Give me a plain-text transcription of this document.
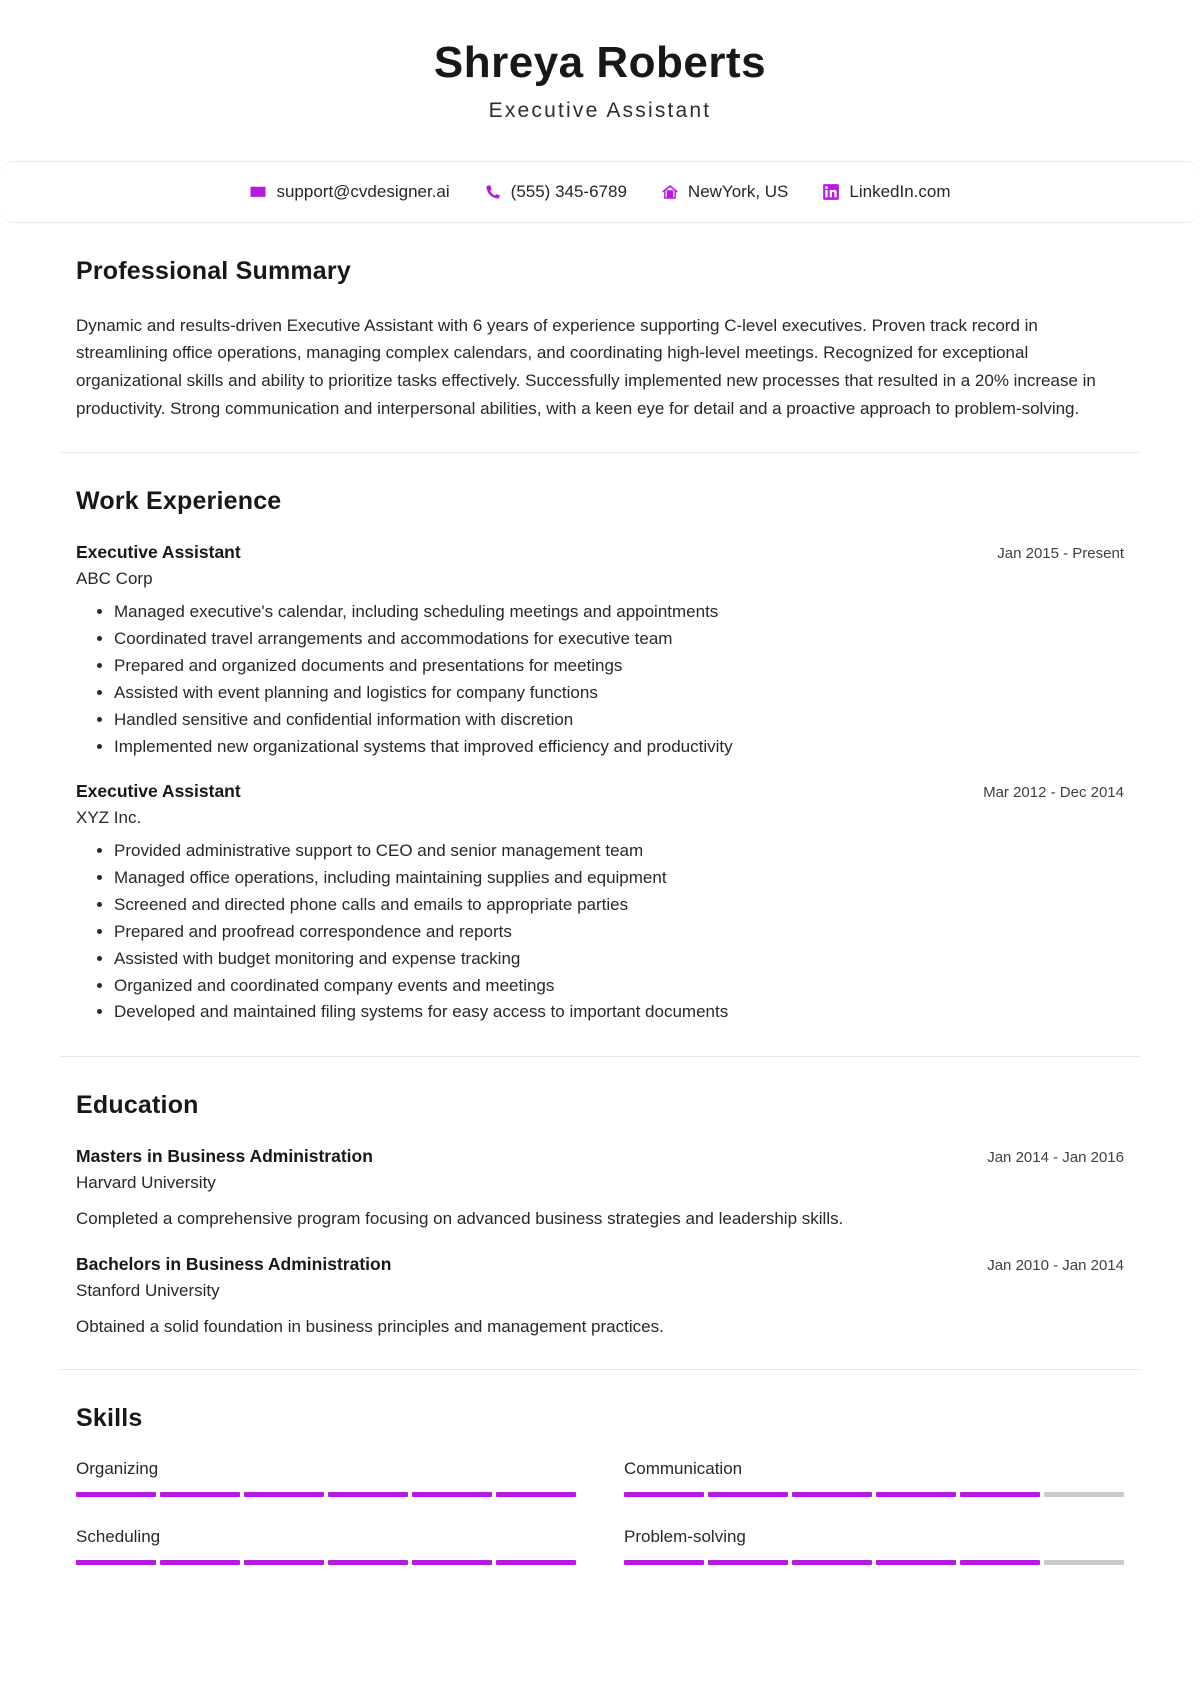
Shreya Roberts
Executive Assistant
support@cvdesigner.ai	(555) 345-6789	NewYork, US	LinkedIn.com
Professional Summary

Dynamic and results-driven Executive Assistant with 6 years of experience supporting C-level executives. Proven track record in streamlining office operations, managing complex calendars, and coordinating high-level meetings. Recognized for exceptional organizational skills and ability to prioritize tasks effectively. Successfully implemented new processes that resulted in a 20% increase in productivity. Strong communication and interpersonal abilities, with a keen eye for detail and a proactive approach to problem-solving.

Work Experience
Executive Assistant	Jan 2015 - Present
ABC Corp
• Managed executive's calendar, including scheduling meetings and appointments
• Coordinated travel arrangements and accommodations for executive team
• Prepared and organized documents and presentations for meetings
• Assisted with event planning and logistics for company functions
• Handled sensitive and confidential information with discretion
• Implemented new organizational systems that improved efficiency and productivity
Executive Assistant	Mar 2012 - Dec 2014
XYZ Inc.
• Provided administrative support to CEO and senior management team
• Managed office operations, including maintaining supplies and equipment
• Screened and directed phone calls and emails to appropriate parties
• Prepared and proofread correspondence and reports
• Assisted with budget monitoring and expense tracking
• Organized and coordinated company events and meetings
• Developed and maintained filing systems for easy access to important documents
Education
Masters in Business Administration	Jan 2014 - Jan 2016
Harvard University
Completed a comprehensive program focusing on advanced business strategies and leadership skills.
Bachelors in Business Administration	Jan 2010 - Jan 2014
Stanford University
Obtained a solid foundation in business principles and management practices.
Skills
Organizing	Communication
Scheduling	Problem-solving
